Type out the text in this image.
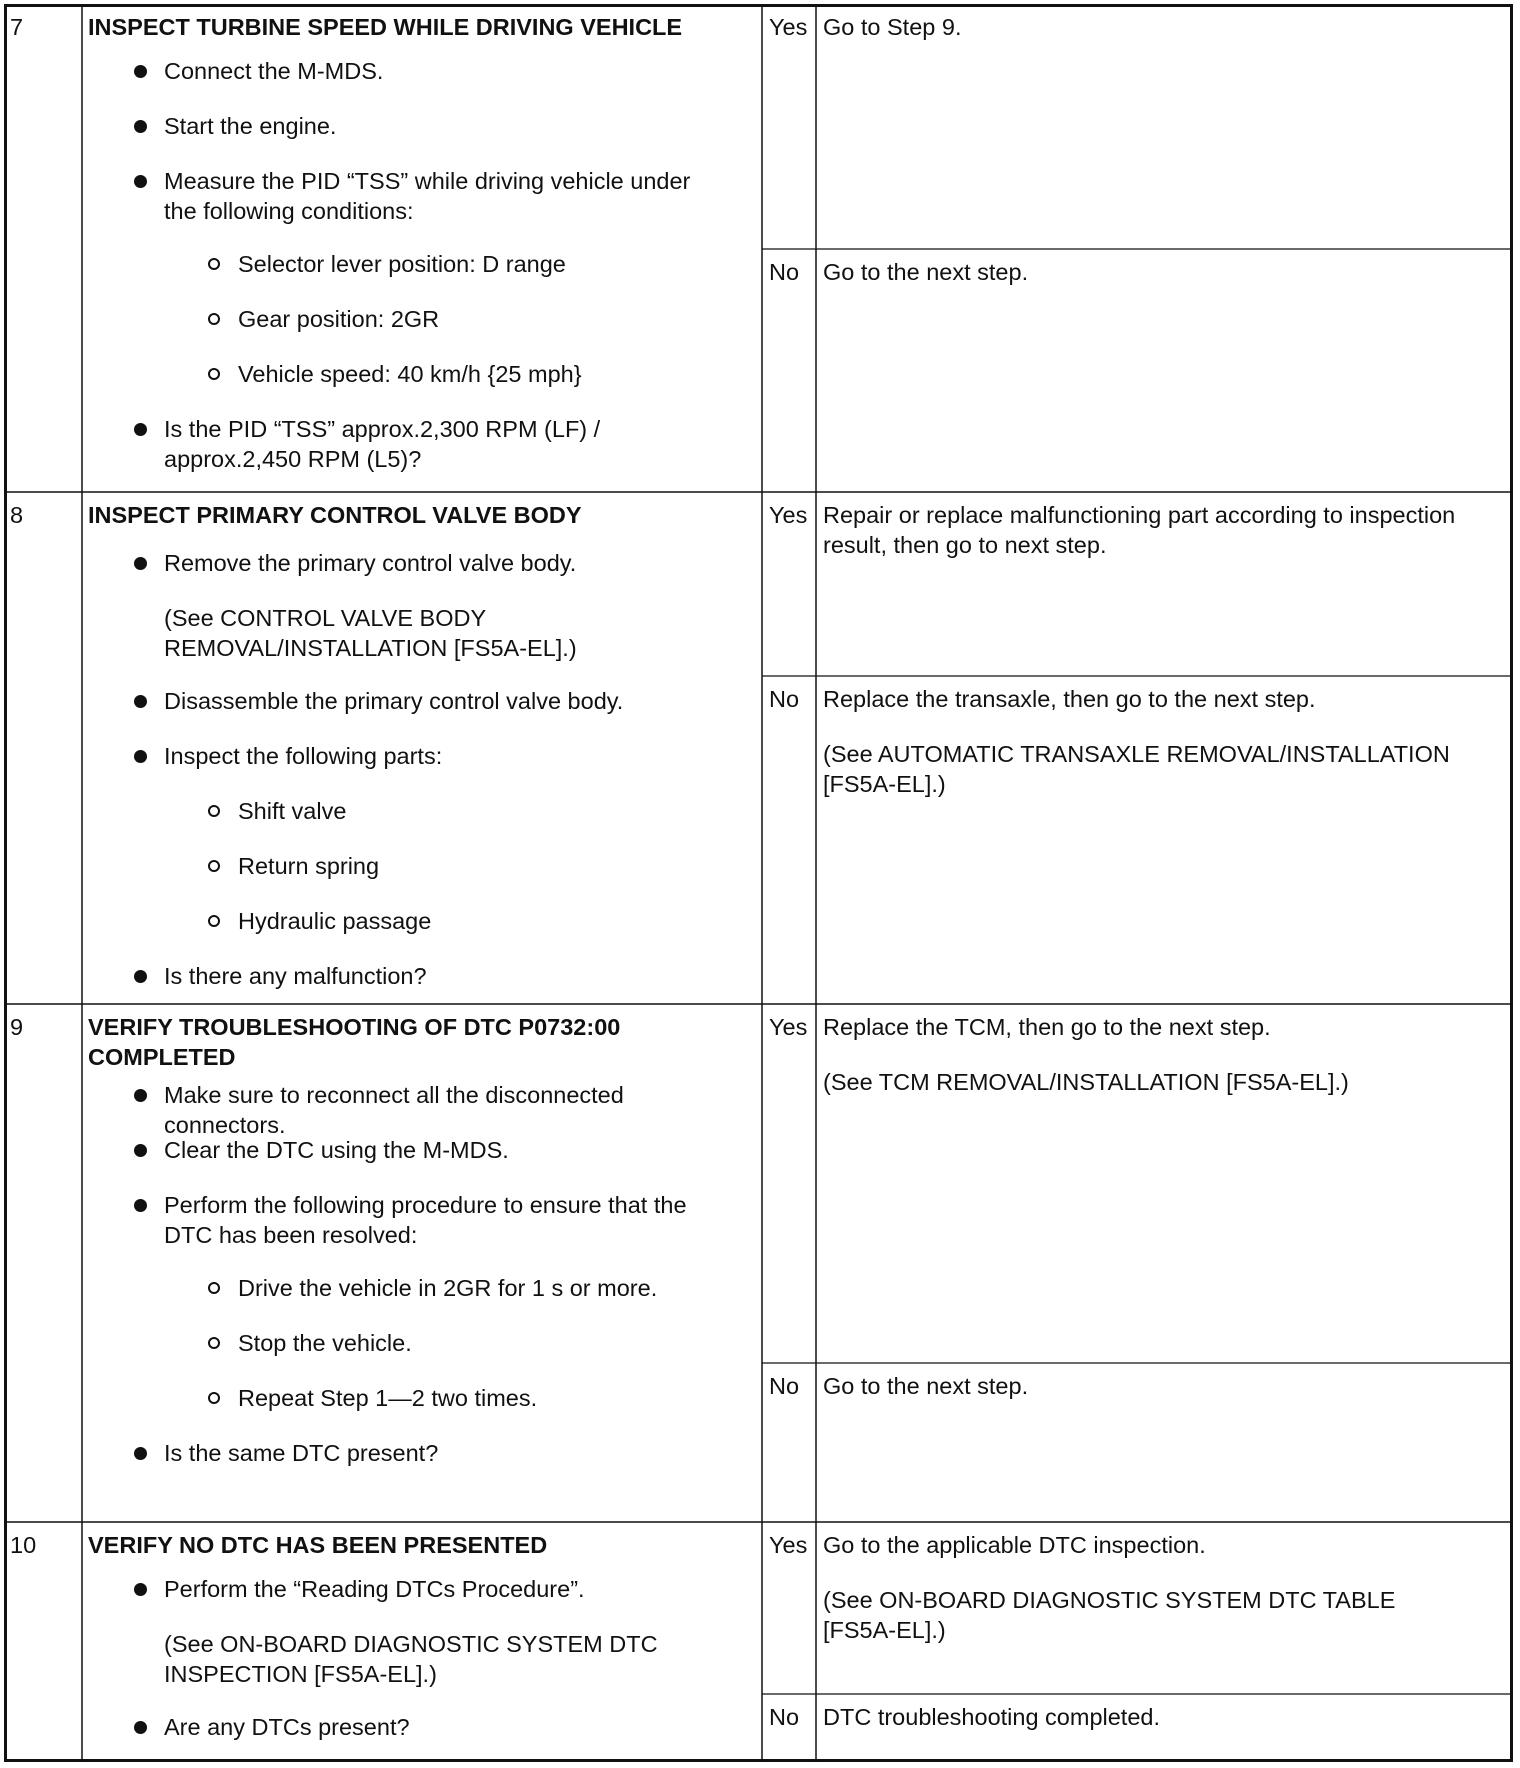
7	INSPECT TURBINE SPEED WHILE DRIVING VEHICLE
Connect the M-MDS.
Start the engine.
Measure the PID “TSS” while driving vehicle under
the following conditions:
Selector lever position: D range
Gear position: 2GR
Vehicle speed: 40 km/h {25 mph}
Is the PID “TSS” approx.2,300 RPM (LF) /
approx.2,450 RPM (L5)?
Yes Go to Step 9.
No Go to the next step.
8	INSPECT PRIMARY CONTROL VALVE BODY
Remove the primary control valve body.
(See CONTROL VALVE BODY
REMOVAL/INSTALLATION [FS5A-EL].)
Disassemble the primary control valve body.
Inspect the following parts:
Shift valve
Return spring
Hydraulic passage
Is there any malfunction?
Yes Repair or replace malfunctioning part according to inspection
result, then go to next step.
No Replace the transaxle, then go to the next step.
(See AUTOMATIC TRANSAXLE REMOVAL/INSTALLATION
[FS5A-EL].)
9	VERIFY TROUBLESHOOTING OF DTC P0732:00
COMPLETED
Make sure to reconnect all the disconnected
connectors.
Clear the DTC using the M-MDS.
Perform the following procedure to ensure that the
DTC has been resolved:
Drive the vehicle in 2GR for 1 s or more.
Stop the vehicle.
Repeat Step 1—2 two times.
Is the same DTC present?
Yes Replace the TCM, then go to the next step.
(See TCM REMOVAL/INSTALLATION [FS5A-EL].)
No Go to the next step.
10 VERIFY NO DTC HAS BEEN PRESENTED
Perform the “Reading DTCs Procedure”.
(See ON-BOARD DIAGNOSTIC SYSTEM DTC
INSPECTION [FS5A-EL].)
Are any DTCs present?
Yes Go to the applicable DTC inspection.
(See ON-BOARD DIAGNOSTIC SYSTEM DTC TABLE
[FS5A-EL].)
No DTC troubleshooting completed.
